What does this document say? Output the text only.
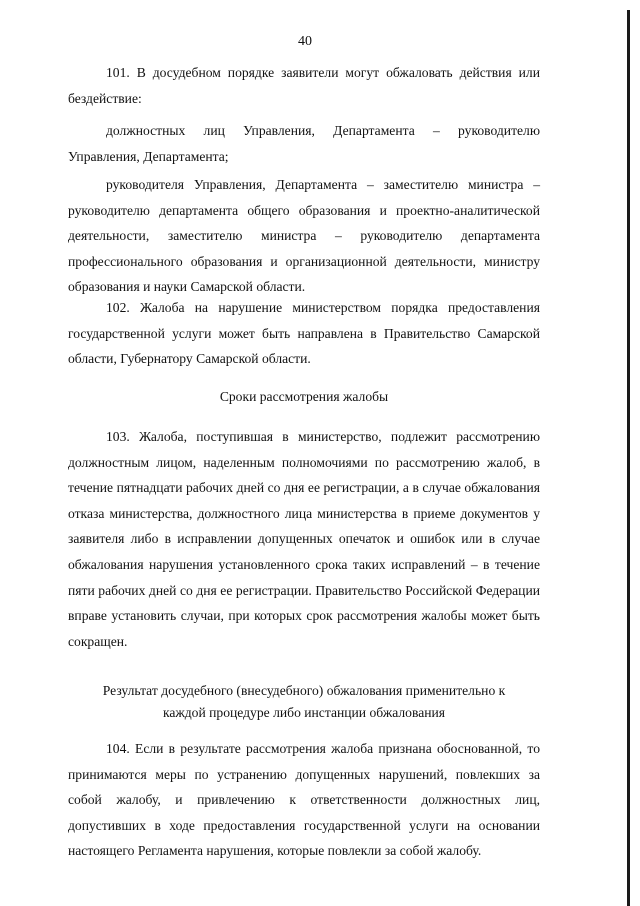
40

101. В досудебном порядке заявители могут обжаловать действия или бездействие:

должностных лиц Управления, Департамента – руководителю Управления, Департамента;

руководителя Управления, Департамента – заместителю министра – руководителю департамента общего образования и проектно-аналитической деятельности, заместителю министра – руководителю департамента профессионального образования и организационной деятельности, министру образования и науки Самарской области.

102. Жалоба на нарушение министерством порядка предоставления государственной услуги может быть направлена в Правительство Самарской области, Губернатору Самарской области.

Сроки рассмотрения жалобы

103. Жалоба, поступившая в министерство, подлежит рассмотрению должностным лицом, наделенным полномочиями по рассмотрению жалоб, в течение пятнадцати рабочих дней со дня ее регистрации, а в случае обжалования отказа министерства, должностного лица министерства в приеме документов у заявителя либо в исправлении допущенных опечаток и ошибок или в случае обжалования нарушения установленного срока таких исправлений – в течение пяти рабочих дней со дня ее регистрации. Правительство Российской Федерации вправе установить случаи, при которых срок рассмотрения жалобы может быть сокращен.

Результат досудебного (внесудебного) обжалования применительно к

каждой процедуре либо инстанции обжалования

104. Если в результате рассмотрения жалоба признана обоснованной, то принимаются меры по устранению допущенных нарушений, повлекших за собой жалобу, и привлечению к ответственности должностных лиц, допустивших в ходе предоставления государственной услуги на основании настоящего Регламента нарушения, которые повлекли за собой жалобу.
